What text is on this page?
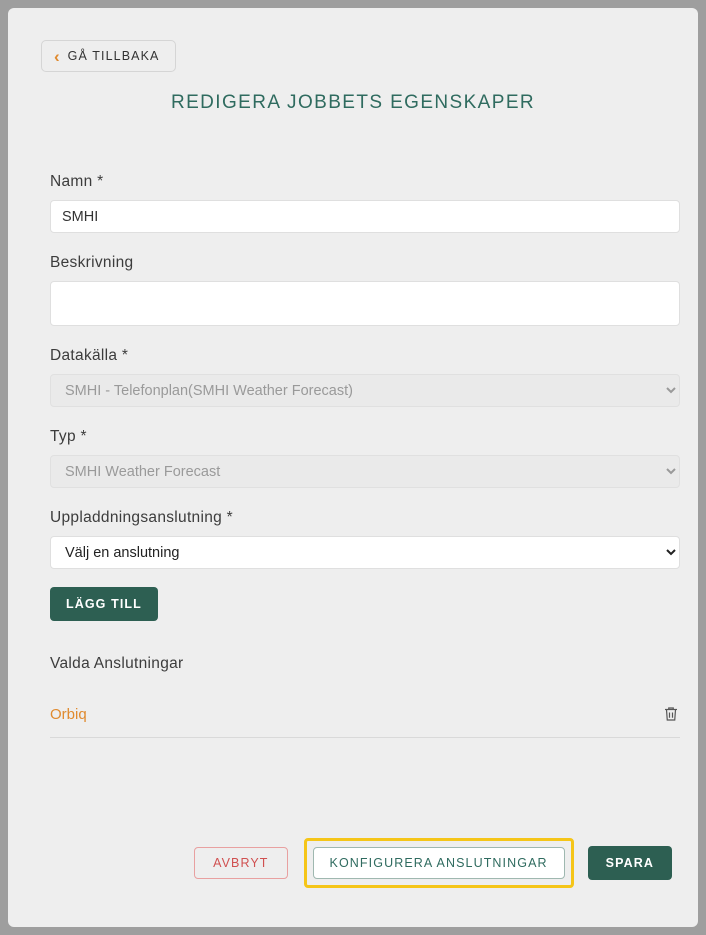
‹ GÅ TILLBAKA
REDIGERA JOBBETS EGENSKAPER
Namn *
SMHI
Beskrivning
Datakälla *
SMHI - Telefonplan(SMHI Weather Forecast)
Typ *
SMHI Weather Forecast
Uppladdningsanslutning *
Välj en anslutning LÄGG TILL
Valda Anslutningar
Orbiq
AVBRYT	KONFIGURERA ANSLUTNINGAR	SPARA
